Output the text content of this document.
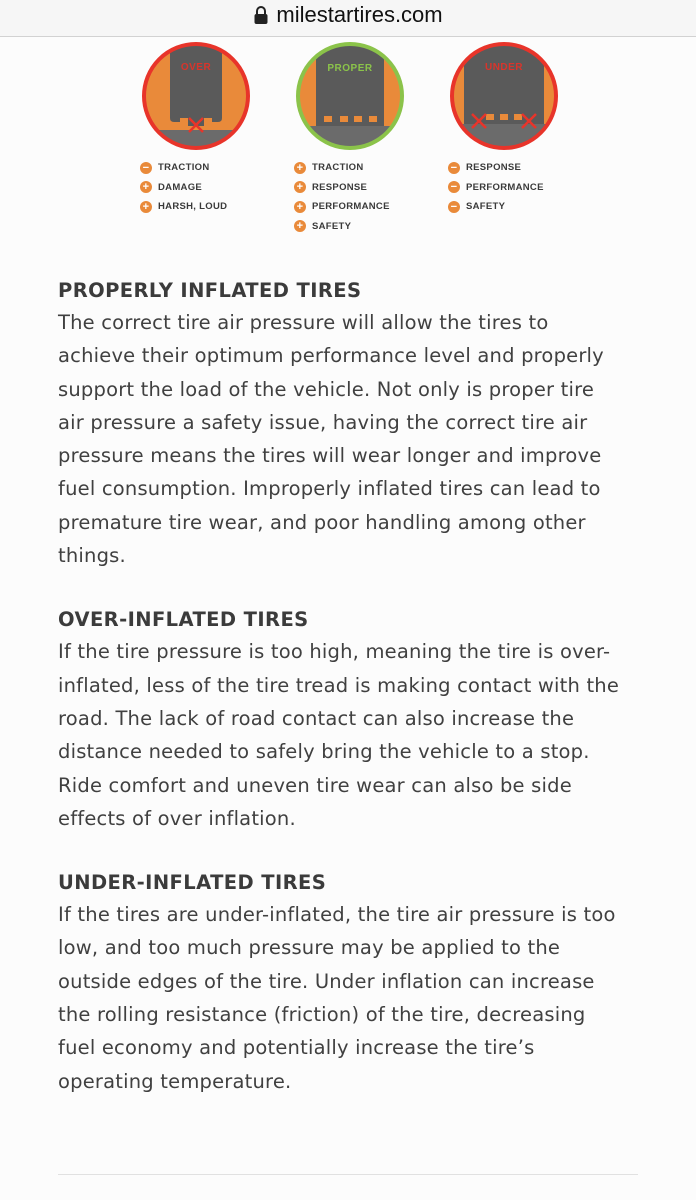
milestartires.com
OVER
− TRACTION
+ DAMAGE
+ HARSH, LOUD
PROPER
+ TRACTION
+ RESPONSE
+ PERFORMANCE
+ SAFETY
UNDER
− RESPONSE
− PERFORMANCE
− SAFETY
PROPERLY INFLATED TIRES

The correct tire air pressure will allow the tires to
achieve their optimum performance level and properly
support the load of the vehicle. Not only is proper tire
air pressure a safety issue, having the correct tire air
pressure means the tires will wear longer and improve
fuel consumption. Improperly inflated tires can lead to
premature tire wear, and poor handling among other
things.

OVER-INFLATED TIRES

If the tire pressure is too high, meaning the tire is over-
inflated, less of the tire tread is making contact with the
road. The lack of road contact can also increase the
distance needed to safely bring the vehicle to a stop.
Ride comfort and uneven tire wear can also be side
effects of over inflation.

UNDER-INFLATED TIRES

If the tires are under-inflated, the tire air pressure is too
low, and too much pressure may be applied to the
outside edges of the tire. Under inflation can increase
the rolling resistance (friction) of the tire, decreasing
fuel economy and potentially increase the tire’s
operating temperature.
